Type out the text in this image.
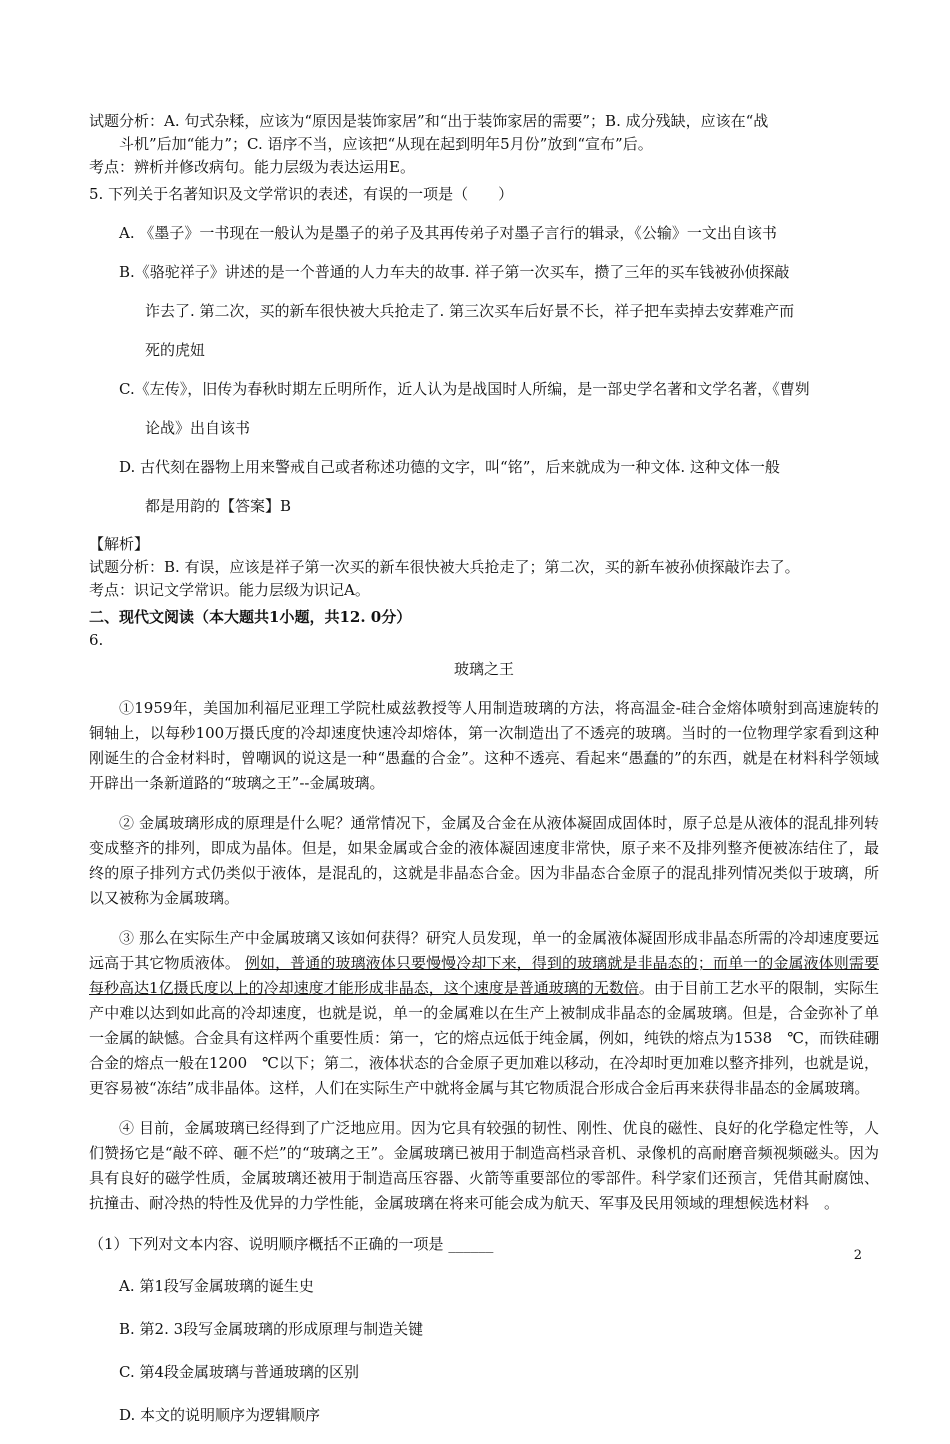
试题分析：A. 句式杂糅，应该为“原因是装饰家居”和“出于装饰家居的需要”；B. 成分残缺，应该在“战

斗机”后加“能力”；C. 语序不当，应该把“从现在起到明年5月份”放到“宣布”后。

考点：辨析并修改病句。能力层级为表达运用E。

5. 下列关于名著知识及文学常识的表述，有误的一项是（　　）

A. 《墨子》一书现在一般认为是墨子的弟子及其再传弟子对墨子言行的辑录，《公输》一文出自该书

B.《骆驼祥子》讲述的是一个普通的人力车夫的故事. 祥子第一次买车，攒了三年的买车钱被孙侦探敲

诈去了. 第二次，买的新车很快被大兵抢走了. 第三次买车后好景不长，祥子把车卖掉去安葬难产而

死的虎妞

C.《左传》，旧传为春秋时期左丘明所作，近人认为是战国时人所编，是一部史学名著和文学名著，《曹刿

论战》出自该书

D. 古代刻在器物上用来警戒自己或者称述功德的文字，叫“铭”，后来就成为一种文体. 这种文体一般

都是用韵的【答案】B

【解析】

试题分析：B. 有误，应该是祥子第一次买的新车很快被大兵抢走了；第二次，买的新车被孙侦探敲诈去了。

考点：识记文学常识。能力层级为识记A。

二、现代文阅读（本大题共1小题，共12. 0分）

6.

玻璃之王

①1959年，美国加利福尼亚理工学院杜威兹教授等人用制造玻璃的方法，将高温金-硅合金熔体喷射到高速旋转的铜轴上，以每秒100万摄氏度的冷却速度快速冷却熔体，第一次制造出了不透亮的玻璃。当时的一位物理学家看到这种刚诞生的合金材料时，曾嘲讽的说这是一种“愚蠢的合金”。这种不透亮、看起来“愚蠢的”的东西，就是在材料科学领域开辟出一条新道路的“玻璃之王”--金属玻璃。

② 金属玻璃形成的原理是什么呢？通常情况下，金属及合金在从液体凝固成固体时，原子总是从液体的混乱排列转变成整齐的排列，即成为晶体。但是，如果金属或合金的液体凝固速度非常快，原子来不及排列整齐便被冻结住了，最终的原子排列方式仍类似于液体，是混乱的，这就是非晶态合金。因为非晶态合金原子的混乱排列情况类似于玻璃，所以又被称为金属玻璃。

③ 那么在实际生产中金属玻璃又该如何获得？研究人员发现，单一的金属液体凝固形成非晶态所需的冷却速度要远远高于其它物质液体。 例如，普通的玻璃液体只要慢慢冷却下来，得到的玻璃就是非晶态的；而单一的金属液体则需要每秒高达1亿摄氏度以上的冷却速度才能形成非晶态，这个速度是普通玻璃的无数倍。由于目前工艺水平的限制，实际生产中难以达到如此高的冷却速度，也就是说，单一的金属难以在生产上被制成非晶态的金属玻璃。但是，合金弥补了单一金属的缺憾。合金具有这样两个重要性质：第一，它的熔点远低于纯金属，例如，纯铁的熔点为1538　℃，而铁硅硼合金的熔点一般在1200　℃以下；第二，液体状态的合金原子更加难以移动，在冷却时更加难以整齐排列，也就是说，更容易被“冻结”成非晶体。这样，人们在实际生产中就将金属与其它物质混合形成合金后再来获得非晶态的金属玻璃。

④ 目前，金属玻璃已经得到了广泛地应用。因为它具有较强的韧性、刚性、优良的磁性、良好的化学稳定性等，人们赞扬它是“敲不碎、砸不烂”的“玻璃之王”。金属玻璃已被用于制造高档录音机、录像机的高耐磨音频视频磁头。因为具有良好的磁学性质，金属玻璃还被用于制造高压容器、火箭等重要部位的零部件。科学家们还预言，凭借其耐腐蚀、抗撞击、耐冷热的特性及优异的力学性能，金属玻璃在将来可能会成为航天、军事及民用领域的理想候选材料　。

（1）下列对文本内容、说明顺序概括不正确的一项是 ______

A. 第1段写金属玻璃的诞生史

B. 第2. 3段写金属玻璃的形成原理与制造关键

C. 第4段金属玻璃与普通玻璃的区别

D. 本文的说明顺序为逻辑顺序

2
